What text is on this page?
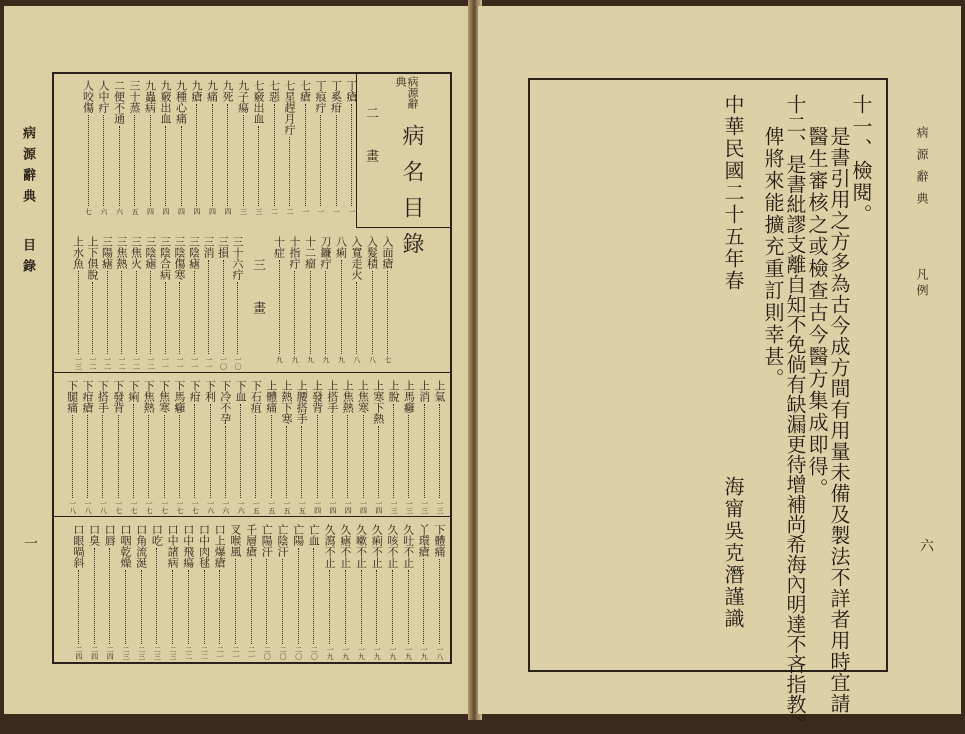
病源辭典
目錄
一
病源辭典
病名目錄
二畫
三畫
丁瘡
一
丁奚疳
一
丁痕疔
一
七瘡
一
七星趕月疔
二
七惡
二
七竅出血
三
九子瘍
三
九死
四
九痛
四
九瘡
四
九種心痛
四
九竅出血
四
九蟲病
四
三十蒸
五
二便不通
六
人中疔
六
人咬傷
七
入面瘡
七
入髮積
八
入寬走火
八
八痢
九
刀鐮疔
九
十二瘤
九
十指疔
九
十症
九
三十六疔
一〇
三損
一〇
三消
一一
三陰瘧
一一
三陰傷寒
一一
三陰合病
一一
三陰瘧
一二
三焦火
一二
三焦熱
一二
三陽瘧
一二
上下俱脫
一二
上水魚
一三
上氣
一三
上消
一三
上馬癰
一三
上脫
一三
上寒下熱
一四
上焦寒
一四
上焦熱
一四
上搭手
一四
上發背
一四
上腰搭手
一五
上熱下寒
一五
上體痛
一五
下石疽
一五
下血
一六
下冷不孕
一六
下利
一六
下疳
一七
下馬癰
一七
下焦寒
一七
下焦熱
一七
下痢
一七
下發背
一七
下搭手
一八
下疳瘡
一八
下腿痛
一八
下體痛
一八
丫環瘡
一九
久吐不止
一九
久咳不止
一九
久痢不止
一九
久嗽不止
一九
久瘧不止
一九
久瀉不止
一九
亡血
二〇
亡陽
二〇
亡陰汗
二〇
亡陽汗
二〇
千層瘡
二一
叉喉風
二一
口上爆瘡
二一
口中肉毬
二二
口中飛瘍
二二
口中諸病
二三
口吃
二三
口角流涎
二三
口咽乾燥
二三
口唇
二四
口臭
二四
口眼喎斜
二四
病源辭典
凡例
六
十一、檢閱。
是書引用之方多為古今成方間有用量未備及製法不詳者用時宜請
醫生審核之或檢查古今醫方集成即得。
十二、是書紕謬支離自知不免倘有缺漏更待增補尚希海內明達不吝指教。
俾將來能擴充重訂則幸甚。
中華民國二十五年春
海甯吳克潛謹識
